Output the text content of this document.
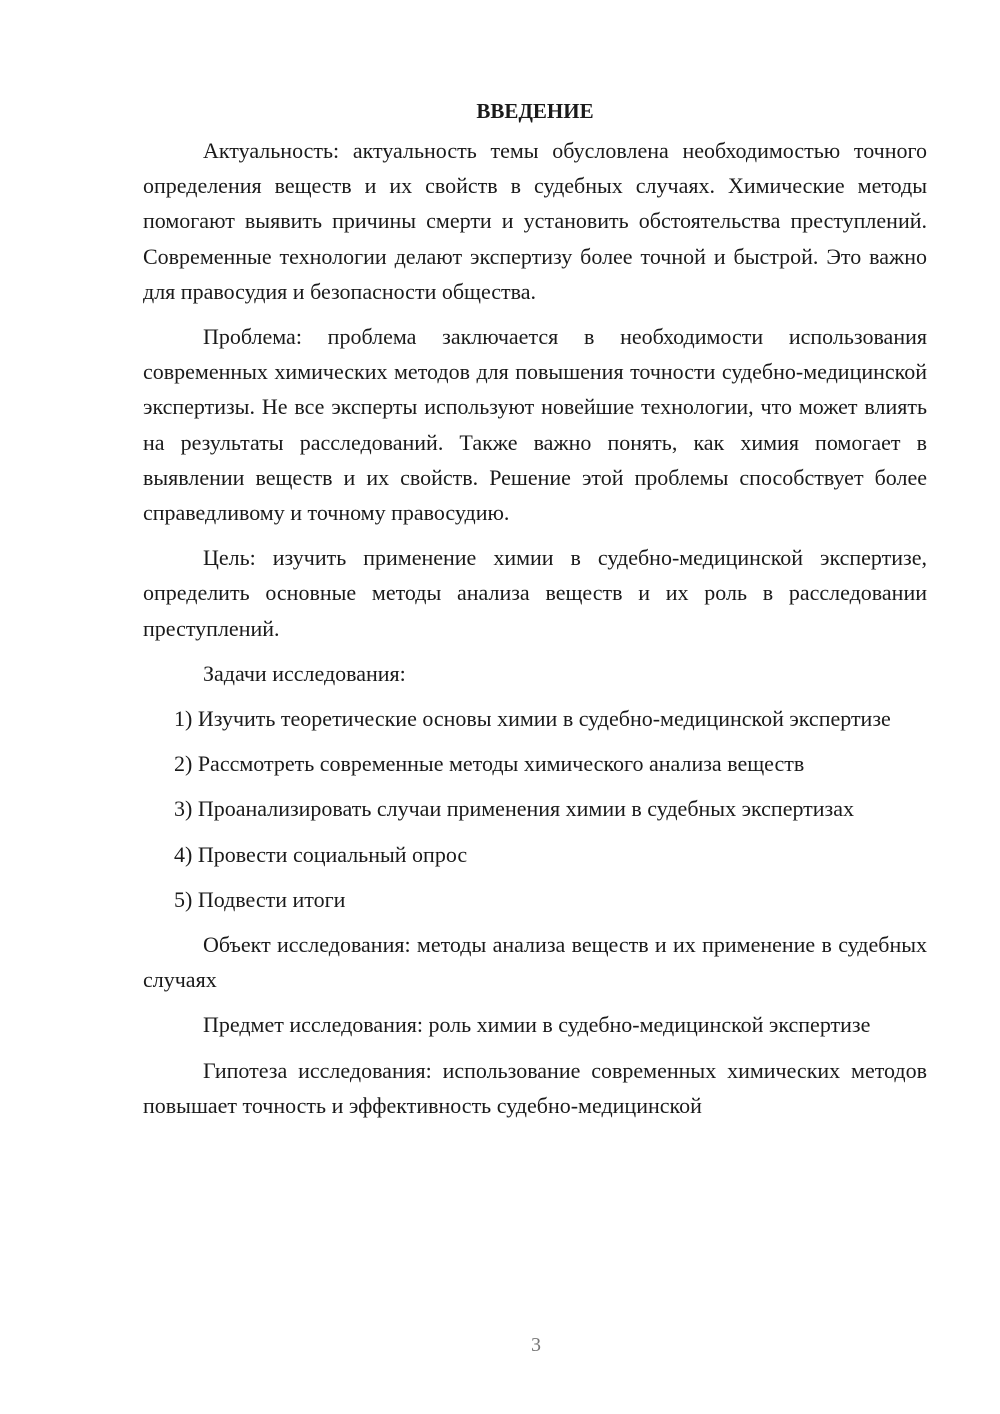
ВВЕДЕНИЕ

Актуальность: актуальность темы обусловлена необходимостью точного определения веществ и их свойств в судебных случаях. Химические методы помогают выявить причины смерти и установить обстоятельства преступлений. Современные технологии делают экспертизу более точной и быстрой. Это важно для правосудия и безопасности общества.

Проблема: проблема заключается в необходимости использования современных химических методов для повышения точности судебно-медицинской экспертизы. Не все эксперты используют новейшие технологии, что может влиять на результаты расследований. Также важно понять, как химия помогает в выявлении веществ и их свойств. Решение этой проблемы способствует более справедливому и точному правосудию.

Цель: изучить применение химии в судебно-медицинской экспертизе, определить основные методы анализа веществ и их роль в расследовании преступлений.

Задачи исследования:

1) Изучить теоретические основы химии в судебно-медицинской экспертизе

2) Рассмотреть современные методы химического анализа веществ

3) Проанализировать случаи применения химии в судебных экспертизах

4) Провести социальный опрос

5) Подвести итоги

Объект исследования: методы анализа веществ и их применение в судебных случаях

Предмет исследования: роль химии в судебно-медицинской экспертизе

Гипотеза исследования: использование современных химических методов повышает точность и эффективность судебно-медицинской

3
